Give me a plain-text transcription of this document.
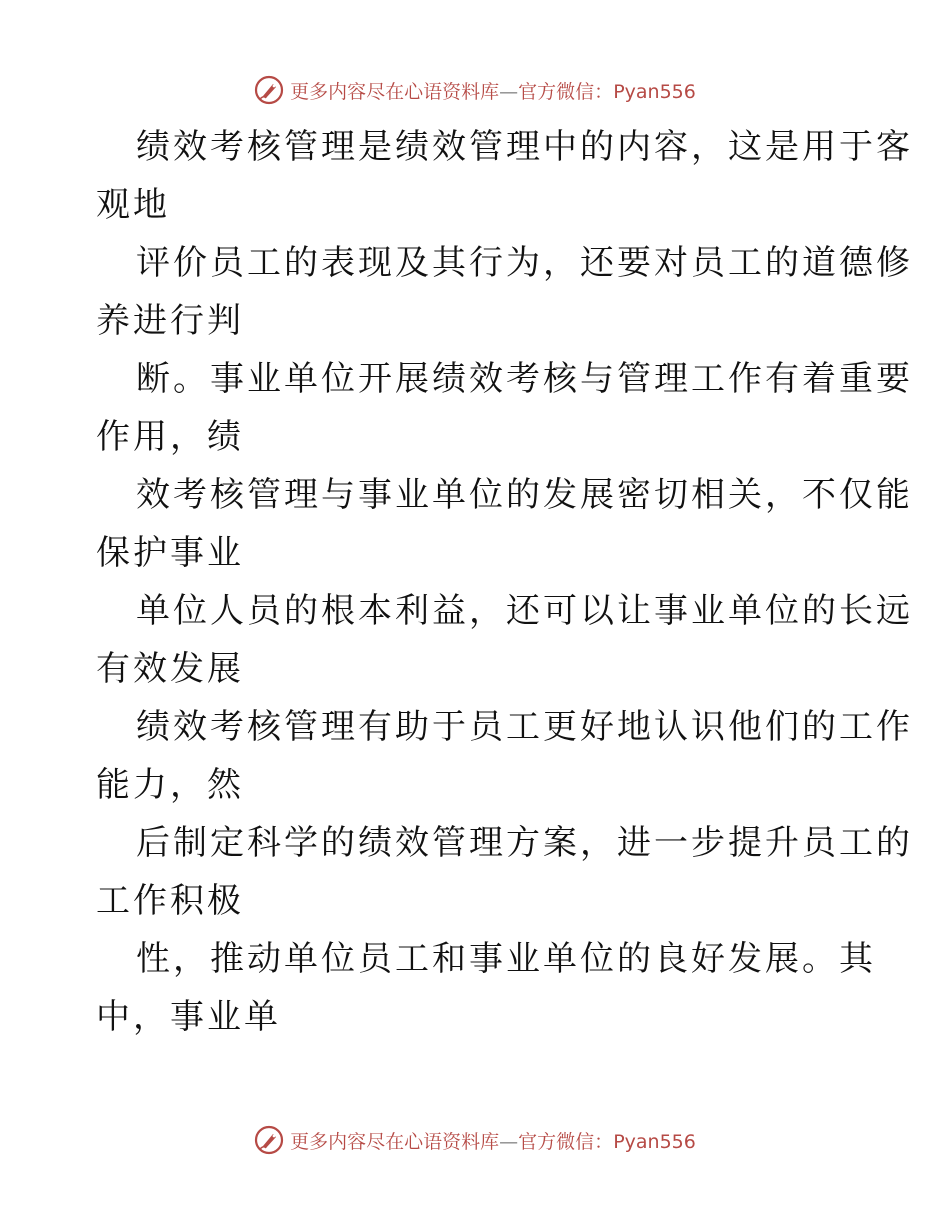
更多内容尽在心语资料库—官方微信：Pyan556
绩效考核管理是绩效管理中的内容，这是用于客
观地
评价员工的表现及其行为，还要对员工的道德修
养进行判
断。事业单位开展绩效考核与管理工作有着重要
作用，绩
效考核管理与事业单位的发展密切相关，不仅能
保护事业
单位人员的根本利益，还可以让事业单位的长远
有效发展
绩效考核管理有助于员工更好地认识他们的工作
能力，然
后制定科学的绩效管理方案，进一步提升员工的
工作积极
性，推动单位员工和事业单位的良好发展。其
中，事业单
更多内容尽在心语资料库—官方微信：Pyan556
